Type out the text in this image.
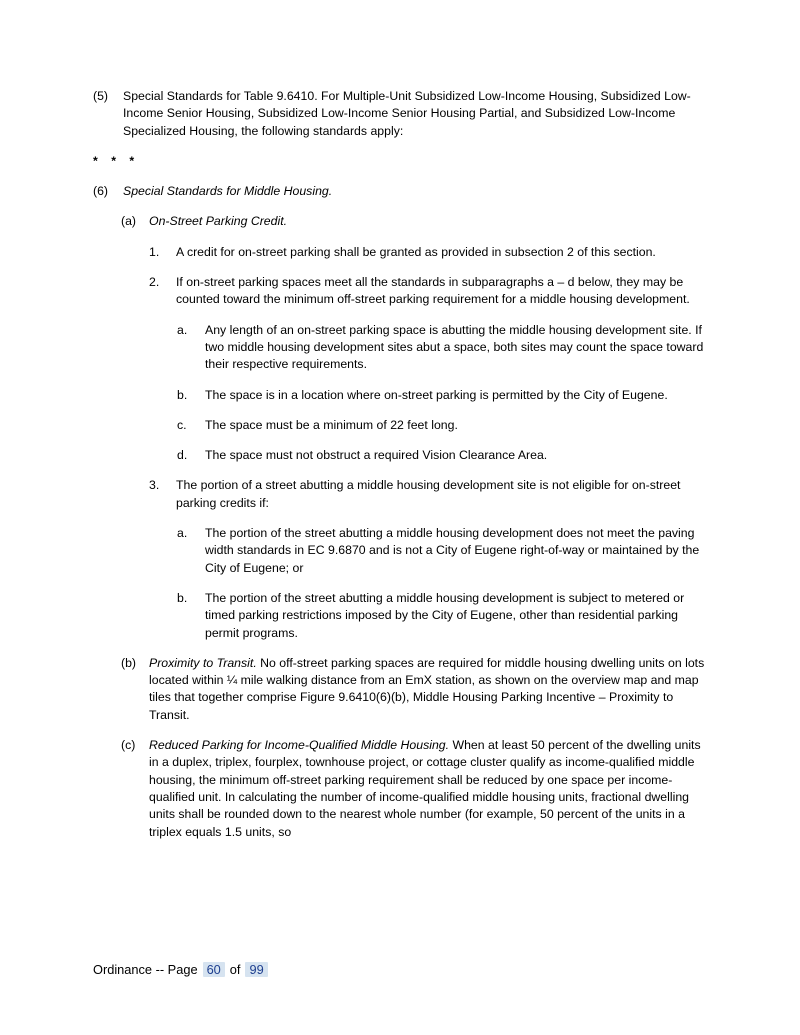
(5)	Special Standards for Table 9.6410. For Multiple-Unit Subsidized Low-Income Housing, Subsidized Low-Income Senior Housing, Subsidized Low-Income Senior Housing Partial, and Subsidized Low-Income Specialized Housing, the following standards apply:
* * *
(6)	Special Standards for Middle Housing.
(a)	On-Street Parking Credit.
1.	A credit for on-street parking shall be granted as provided in subsection 2 of this section.
2.	If on-street parking spaces meet all the standards in subparagraphs a – d below, they may be counted toward the minimum off-street parking requirement for a middle housing development.
a.	Any length of an on-street parking space is abutting the middle housing development site. If two middle housing development sites abut a space, both sites may count the space toward their respective requirements.
b.	The space is in a location where on-street parking is permitted by the City of Eugene.
c.	The space must be a minimum of 22 feet long.
d.	The space must not obstruct a required Vision Clearance Area.
3.	The portion of a street abutting a middle housing development site is not eligible for on-street parking credits if:
a.	The portion of the street abutting a middle housing development does not meet the paving width standards in EC 9.6870 and is not a City of Eugene right-of-way or maintained by the City of Eugene; or
b.	The portion of the street abutting a middle housing development is subject to metered or timed parking restrictions imposed by the City of Eugene, other than residential parking permit programs.
(b)	Proximity to Transit. No off-street parking spaces are required for middle housing dwelling units on lots located within ¼ mile walking distance from an EmX station, as shown on the overview map and map tiles that together comprise Figure 9.6410(6)(b), Middle Housing Parking Incentive – Proximity to Transit.
(c)	Reduced Parking for Income-Qualified Middle Housing. When at least 50 percent of the dwelling units in a duplex, triplex, fourplex, townhouse project, or cottage cluster qualify as income-qualified middle housing, the minimum off-street parking requirement shall be reduced by one space per income-qualified unit. In calculating the number of income-qualified middle housing units, fractional dwelling units shall be rounded down to the nearest whole number (for example, 50 percent of the units in a triplex equals 1.5 units, so
Ordinance -- Page 60 of 99
